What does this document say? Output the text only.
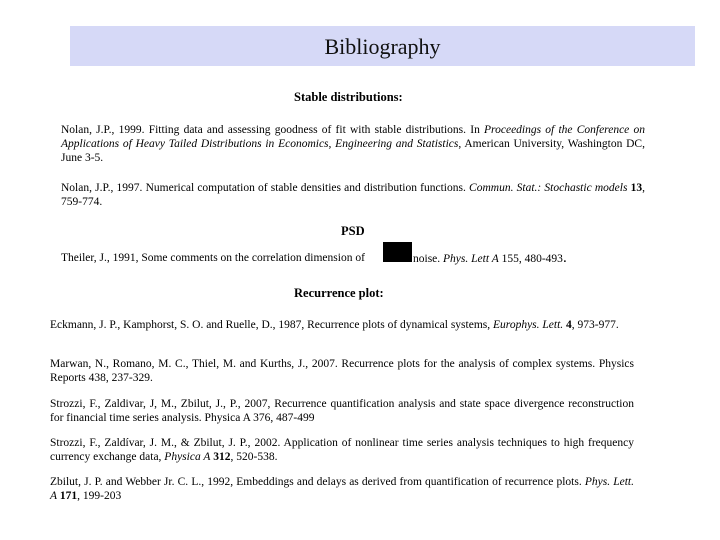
Bibliography
Stable distributions:
Nolan, J.P., 1999. Fitting data and assessing goodness of fit with stable distributions. In Proceedings of the Conference on Applications of Heavy Tailed Distributions in Economics, Engineering and Statistics, American University, Washington DC, June 3-5.
Nolan, J.P., 1997. Numerical computation of stable densities and distribution functions. Commun. Stat.: Stochastic models 13, 759-774.
PSD
Theiler, J., 1991, Some comments on the correlation dimension of	noise. Phys. Lett A 155, 480-493.
Recurrence plot:
Eckmann, J. P., Kamphorst, S. O. and Ruelle, D., 1987, Recurrence plots of dynamical systems, Europhys. Lett. 4, 973-977.
Marwan, N., Romano, M. C., Thiel, M. and Kurths, J., 2007. Recurrence plots for the analysis of complex systems. Physics Reports 438, 237-329.
Strozzi, F., Zaldivar, J, M., Zbilut, J., P., 2007, Recurrence quantification analysis and state space divergence reconstruction for financial time series analysis. Physica A 376, 487-499
Strozzi, F., Zaldívar, J. M., & Zbilut, J. P., 2002. Application of nonlinear time series analysis techniques to high frequency currency exchange data, Physica A 312, 520-538.
Zbilut, J. P. and Webber Jr. C. L., 1992, Embeddings and delays as derived from quantification of recurrence plots. Phys. Lett. A 171, 199-203
